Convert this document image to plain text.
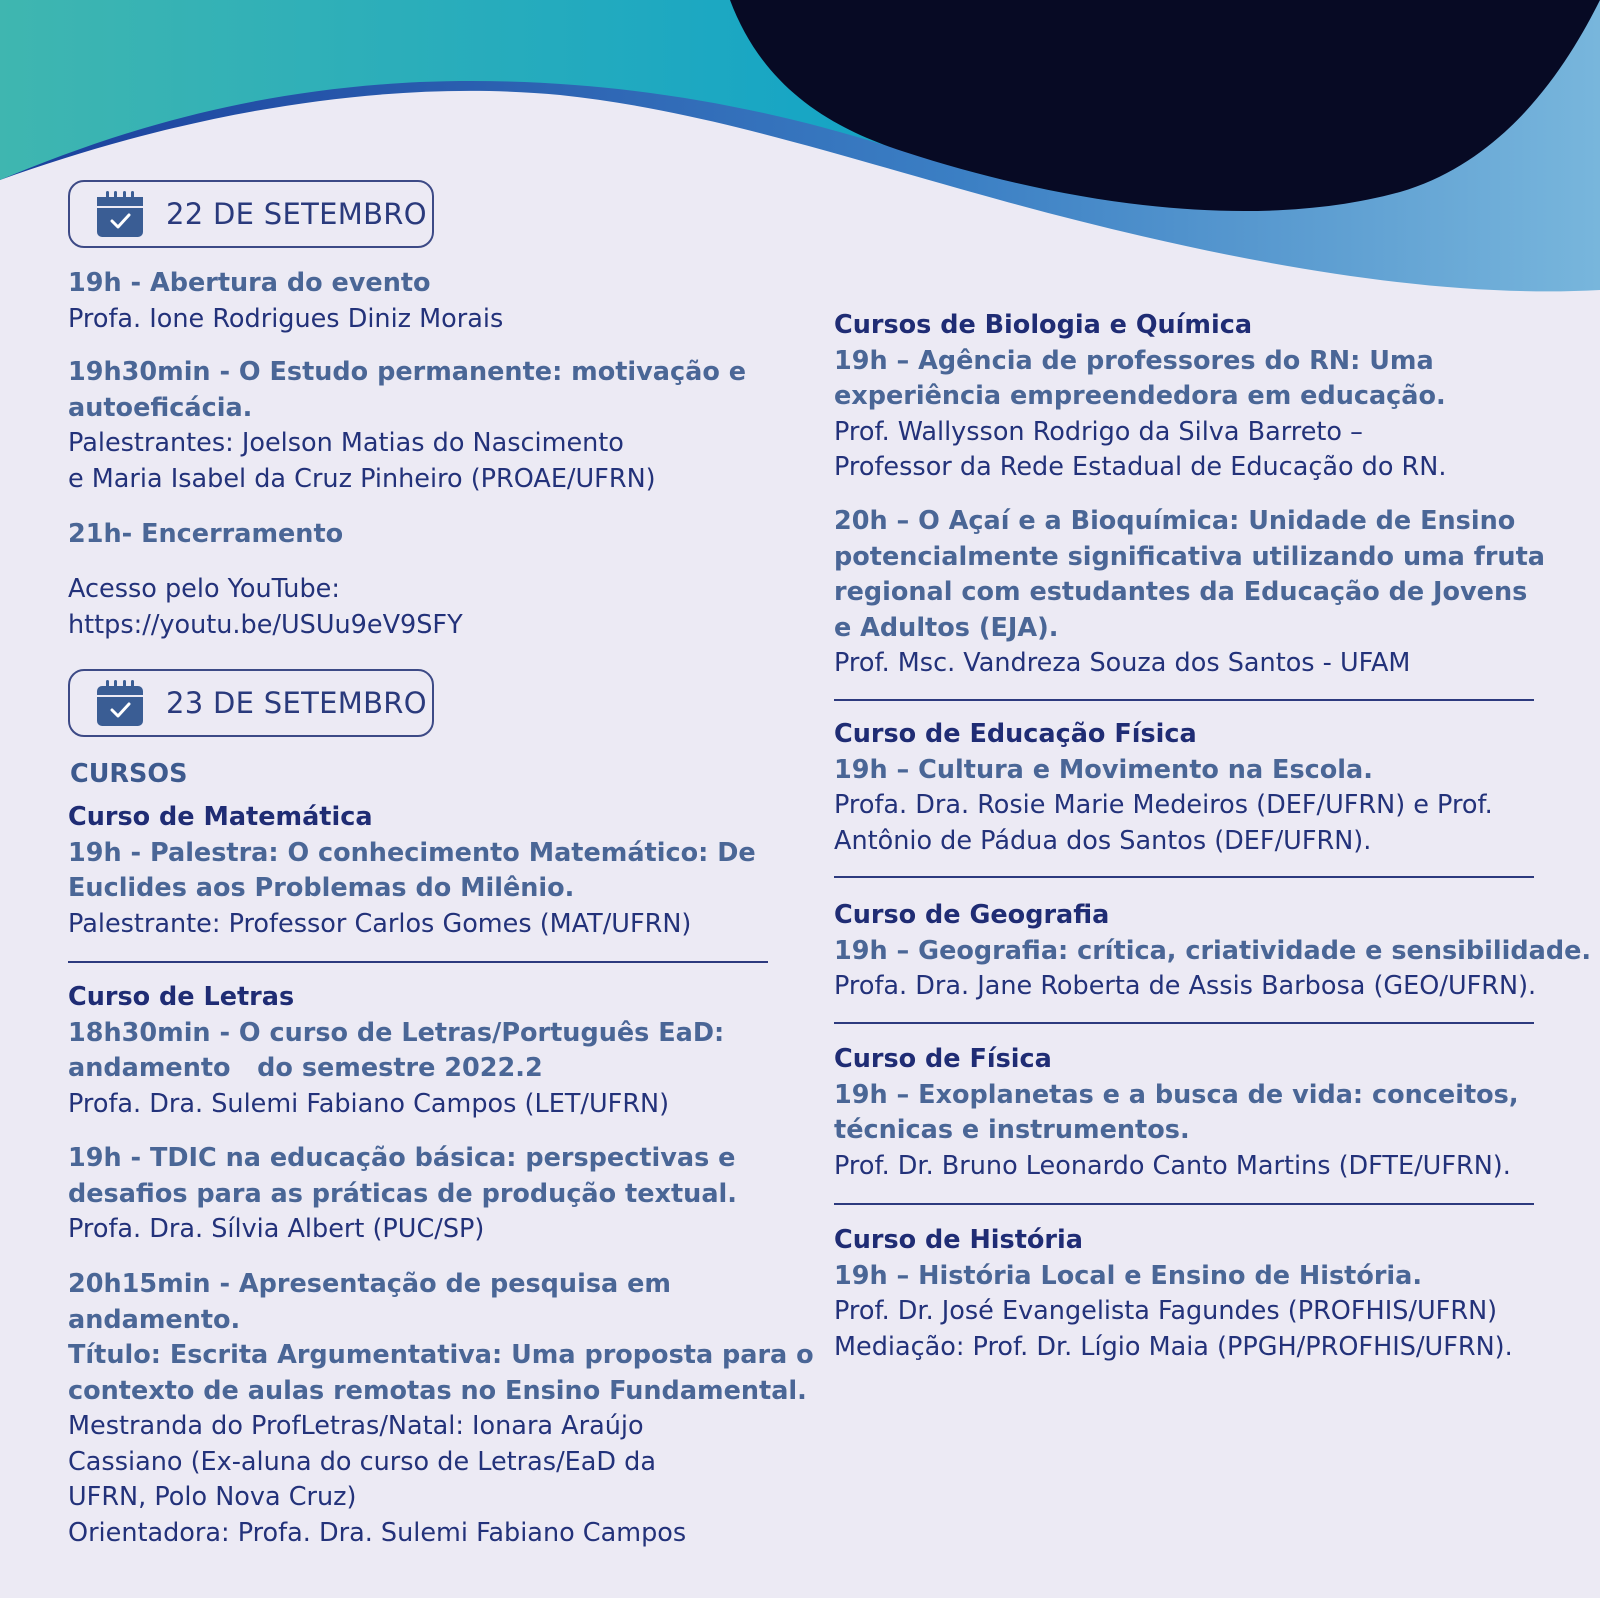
22 DE SETEMBRO
19h - Abertura do evento
Profa. Ione Rodrigues Diniz Morais
19h30min - O Estudo permanente: motivação e
autoeficácia.
Palestrantes: Joelson Matias do Nascimento
e Maria Isabel da Cruz Pinheiro (PROAE/UFRN)
21h- Encerramento
Acesso pelo YouTube:
https://youtu.be/USUu9eV9SFY
23 DE SETEMBRO
CURSOS
Curso de Matemática
19h - Palestra: O conhecimento Matemático: De
Euclides aos Problemas do Milênio.
Palestrante: Professor Carlos Gomes (MAT/UFRN)
Curso de Letras
18h30min - O curso de Letras/Português EaD:
andamento   do semestre 2022.2
Profa. Dra. Sulemi Fabiano Campos (LET/UFRN)
19h - TDIC na educação básica: perspectivas e
desafios para as práticas de produção textual.
Profa. Dra. Sílvia Albert (PUC/SP)
20h15min - Apresentação de pesquisa em
andamento.
Título: Escrita Argumentativa: Uma proposta para o
contexto de aulas remotas no Ensino Fundamental.
Mestranda do ProfLetras/Natal: Ionara Araújo
Cassiano (Ex-aluna do curso de Letras/EaD da
UFRN, Polo Nova Cruz)
Orientadora: Profa. Dra. Sulemi Fabiano Campos
Cursos de Biologia e Química
19h – Agência de professores do RN: Uma
experiência empreendedora em educação.
Prof. Wallysson Rodrigo da Silva Barreto –
Professor da Rede Estadual de Educação do RN.
20h – O Açaí e a Bioquímica: Unidade de Ensino
potencialmente significativa utilizando uma fruta
regional com estudantes da Educação de Jovens
e Adultos (EJA).
Prof. Msc. Vandreza Souza dos Santos - UFAM
Curso de Educação Física
19h – Cultura e Movimento na Escola.
Profa. Dra. Rosie Marie Medeiros (DEF/UFRN) e Prof.
Antônio de Pádua dos Santos (DEF/UFRN).
Curso de Geografia
19h – Geografia: crítica, criatividade e sensibilidade.
Profa. Dra. Jane Roberta de Assis Barbosa (GEO/UFRN).
Curso de Física
19h – Exoplanetas e a busca de vida: conceitos,
técnicas e instrumentos.
Prof. Dr. Bruno Leonardo Canto Martins (DFTE/UFRN).
Curso de História
19h – História Local e Ensino de História.
Prof. Dr. José Evangelista Fagundes (PROFHIS/UFRN)
Mediação: Prof. Dr. Lígio Maia (PPGH/PROFHIS/UFRN).
